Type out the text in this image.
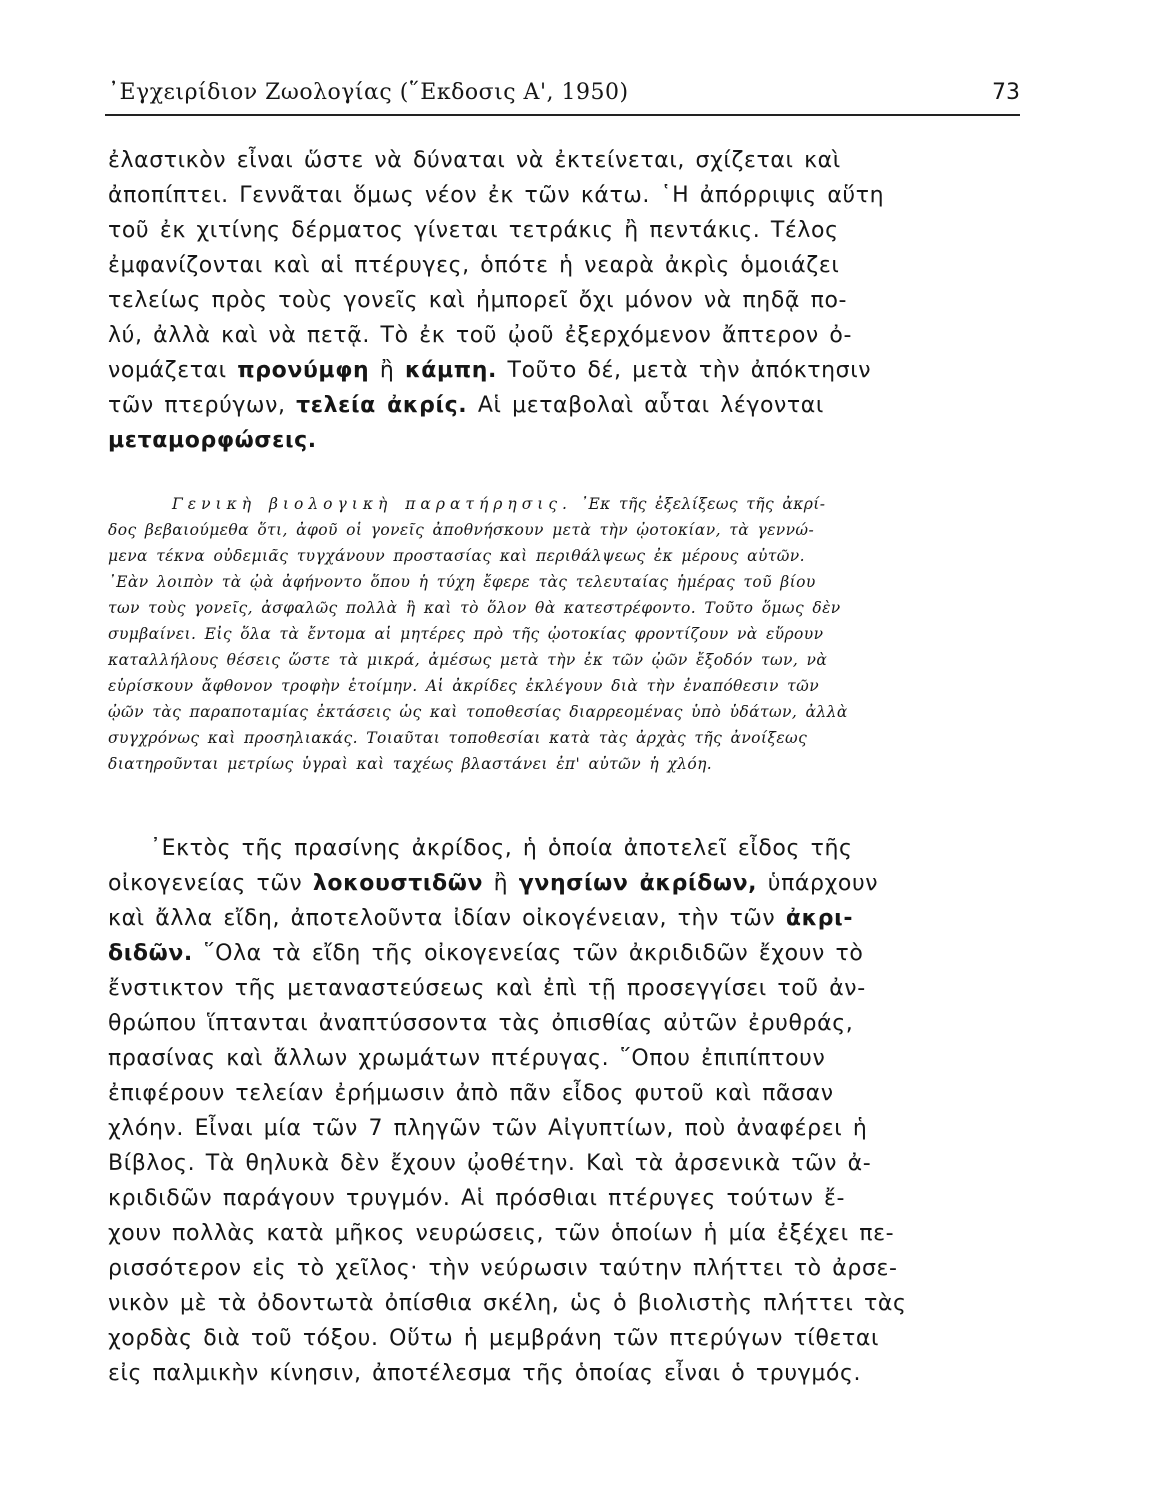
᾿Εγχειρίδιον Ζωολογίας (῞Εκδοσις Α', 1950)	73
ἐλαστικὸν εἶναι ὥστε νὰ δύναται νὰ ἐκτείνεται, σχίζεται καὶ
ἀποπίπτει. Γεννᾶται ὅμως νέον ἐκ τῶν κάτω. ῾Η ἀπόρριψις αὕτη
τοῦ ἐκ χιτίνης δέρματος γίνεται τετράκις ἢ πεντάκις. Τέλος
ἐμφανίζονται καὶ αἱ πτέρυγες, ὁπότε ἡ νεαρὰ ἀκρὶς ὁμοιάζει
τελείως πρὸς τοὺς γονεῖς καὶ ἠμπορεῖ ὄχι μόνον νὰ πηδᾷ πο-
λύ, ἀλλὰ καὶ νὰ πετᾷ. Τὸ ἐκ τοῦ ᾠοῦ ἐξερχόμενον ἄπτερον ὀ-
νομάζεται προνύμφη ἢ κάμπη. Τοῦτο δέ, μετὰ τὴν ἀπόκτησιν
τῶν πτερύγων, τελεία ἀκρίς. Αἱ μεταβολαὶ αὗται λέγονται
μεταμορφώσεις.
Γενικὴ βιολογικὴ παρατήρησις. ᾿Εκ τῆς ἐξελίξεως τῆς ἀκρί-
δος βεβαιούμεθα ὅτι, ἀφοῦ οἱ γονεῖς ἀποθνήσκουν μετὰ τὴν ᾠοτοκίαν, τὰ γεννώ-
μενα τέκνα οὐδεμιᾶς τυγχάνουν προστασίας καὶ περιθάλψεως ἐκ μέρους αὐτῶν.
᾿Εὰν λοιπὸν τὰ ᾠὰ ἀφήνοντο ὅπου ἡ τύχη ἔφερε τὰς τελευταίας ἡμέρας τοῦ βίου
των τοὺς γονεῖς, ἀσφαλῶς πολλὰ ἢ καὶ τὸ ὅλον θὰ κατεστρέφοντο. Τοῦτο ὅμως δὲν
συμβαίνει. Εἰς ὅλα τὰ ἔντομα αἱ μητέρες πρὸ τῆς ᾠοτοκίας φροντίζουν νὰ εὕρουν
καταλλήλους θέσεις ὥστε τὰ μικρά, ἀμέσως μετὰ τὴν ἐκ τῶν ᾠῶν ἔξοδόν των, νὰ
εὑρίσκουν ἄφθονον τροφὴν ἑτοίμην. Αἱ ἀκρίδες ἐκλέγουν διὰ τὴν ἐναπόθεσιν τῶν
ᾠῶν τὰς παραποταμίας ἐκτάσεις ὡς καὶ τοποθεσίας διαρρεομένας ὑπὸ ὑδάτων, ἀλλὰ
συγχρόνως καὶ προσηλιακάς. Τοιαῦται τοποθεσίαι κατὰ τὰς ἀρχὰς τῆς ἀνοίξεως
διατηροῦνται μετρίως ὑγραὶ καὶ ταχέως βλαστάνει ἐπ' αὐτῶν ἡ χλόη.
᾿Εκτὸς τῆς πρασίνης ἀκρίδος, ἡ ὁποία ἀποτελεῖ εἶδος τῆς
οἰκογενείας τῶν λοκουστιδῶν ἢ γνησίων ἀκρίδων, ὑπάρχουν
καὶ ἄλλα εἴδη, ἀποτελοῦντα ἰδίαν οἰκογένειαν, τὴν τῶν ἀκρι-
διδῶν. ῞Ολα τὰ εἴδη τῆς οἰκογενείας τῶν ἀκριδιδῶν ἔχουν τὸ
ἔνστικτον τῆς μεταναστεύσεως καὶ ἐπὶ τῇ προσεγγίσει τοῦ ἀν-
θρώπου ἵπτανται ἀναπτύσσοντα τὰς ὀπισθίας αὐτῶν ἐρυθράς,
πρασίνας καὶ ἄλλων χρωμάτων πτέρυγας. ῞Οπου ἐπιπίπτουν
ἐπιφέρουν τελείαν ἐρήμωσιν ἀπὸ πᾶν εἶδος φυτοῦ καὶ πᾶσαν
χλόην. Εἶναι μία τῶν 7 πληγῶν τῶν Αἰγυπτίων, ποὺ ἀναφέρει ἡ
Βίβλος. Τὰ θηλυκὰ δὲν ἔχουν ᾠοθέτην. Καὶ τὰ ἀρσενικὰ τῶν ἀ-
κριδιδῶν παράγουν τρυγμόν. Αἱ πρόσθιαι πτέρυγες τούτων ἔ-
χουν πολλὰς κατὰ μῆκος νευρώσεις, τῶν ὁποίων ἡ μία ἐξέχει πε-
ρισσότερον εἰς τὸ χεῖλος· τὴν νεύρωσιν ταύτην πλήττει τὸ ἀρσε-
νικὸν μὲ τὰ ὀδοντωτὰ ὀπίσθια σκέλη, ὡς ὁ βιολιστὴς πλήττει τὰς
χορδὰς διὰ τοῦ τόξου. Οὕτω ἡ μεμβράνη τῶν πτερύγων τίθεται
εἰς παλμικὴν κίνησιν, ἀποτέλεσμα τῆς ὁποίας εἶναι ὁ τρυγμός.
